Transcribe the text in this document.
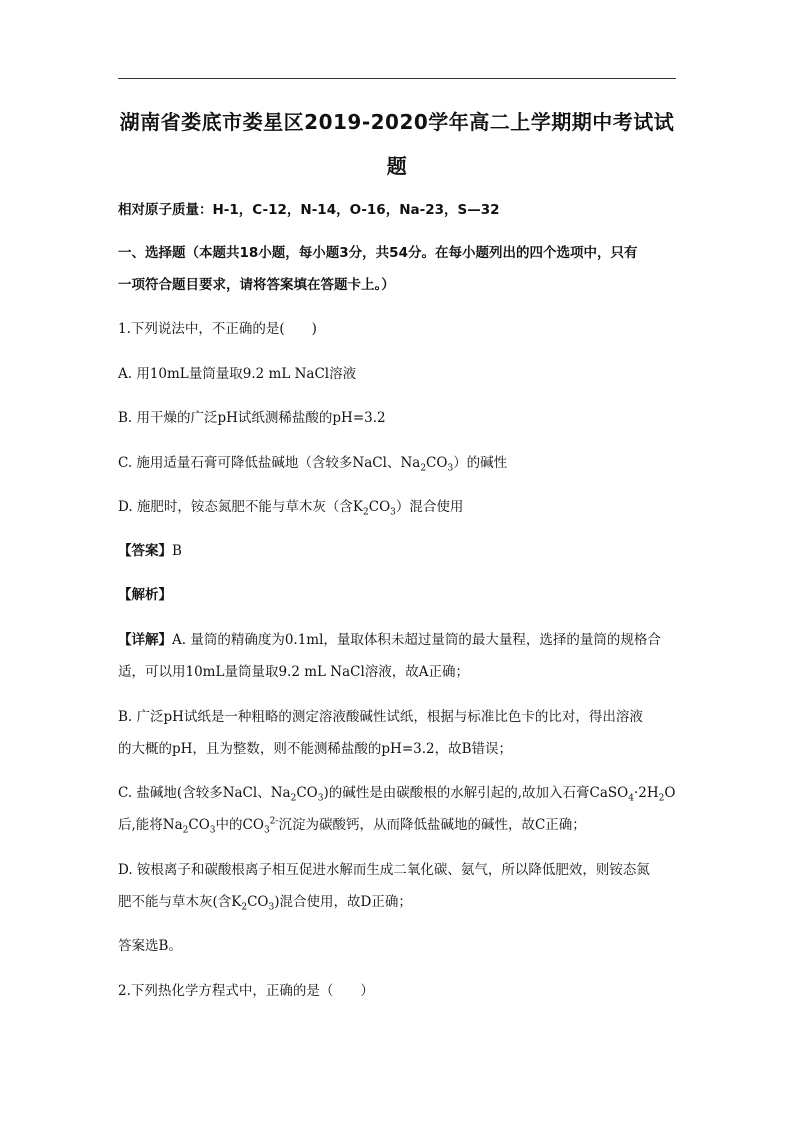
湖南省娄底市娄星区2019-2020学年高二上学期期中考试试
题
相对原子质量：H-1，C-12，N-14，O-16，Na-23，S—32
一、选择题（本题共18小题，每小题3分，共54分。在每小题列出的四个选项中，只有
一项符合题目要求，请将答案填在答题卡上。）
1.下列说法中，不正确的是(　　)
A. 用10mL量筒量取9.2 mL NaCl溶液
B. 用干燥的广泛pH试纸测稀盐酸的pH=3.2
C. 施用适量石膏可降低盐碱地（含较多NaCl、$Na_2CO_3$）的碱性
D. 施肥时，铵态氮肥不能与草木灰（含$K_2CO_3$）混合使用
【答案】B
【解析】
【详解】A. 量筒的精确度为0.1ml，量取体积未超过量筒的最大量程，选择的量筒的规格合
适，可以用10mL量筒量取9.2 mL NaCl溶液，故A正确；
B. 广泛pH试纸是一种粗略的测定溶液酸碱性试纸，根据与标准比色卡的比对，得出溶液
的大概的pH，且为整数，则不能测稀盐酸的pH=3.2，故B错误；
C. 盐碱地(含较多NaCl、$Na_2CO_3$)的碱性是由碳酸根的水解引起的,故加入石膏$CaSO_4\cdot 2H_2O$
后,能将$Na_2CO_3$中的$CO_3^{2-}$沉淀为碳酸钙，从而降低盐碱地的碱性，故C正确；
D. 铵根离子和碳酸根离子相互促进水解而生成二氧化碳、氨气，所以降低肥效，则铵态氮
肥不能与草木灰(含$K_2CO_3$)混合使用，故D正确；
答案选B。
2.下列热化学方程式中，正确的是（　　）
